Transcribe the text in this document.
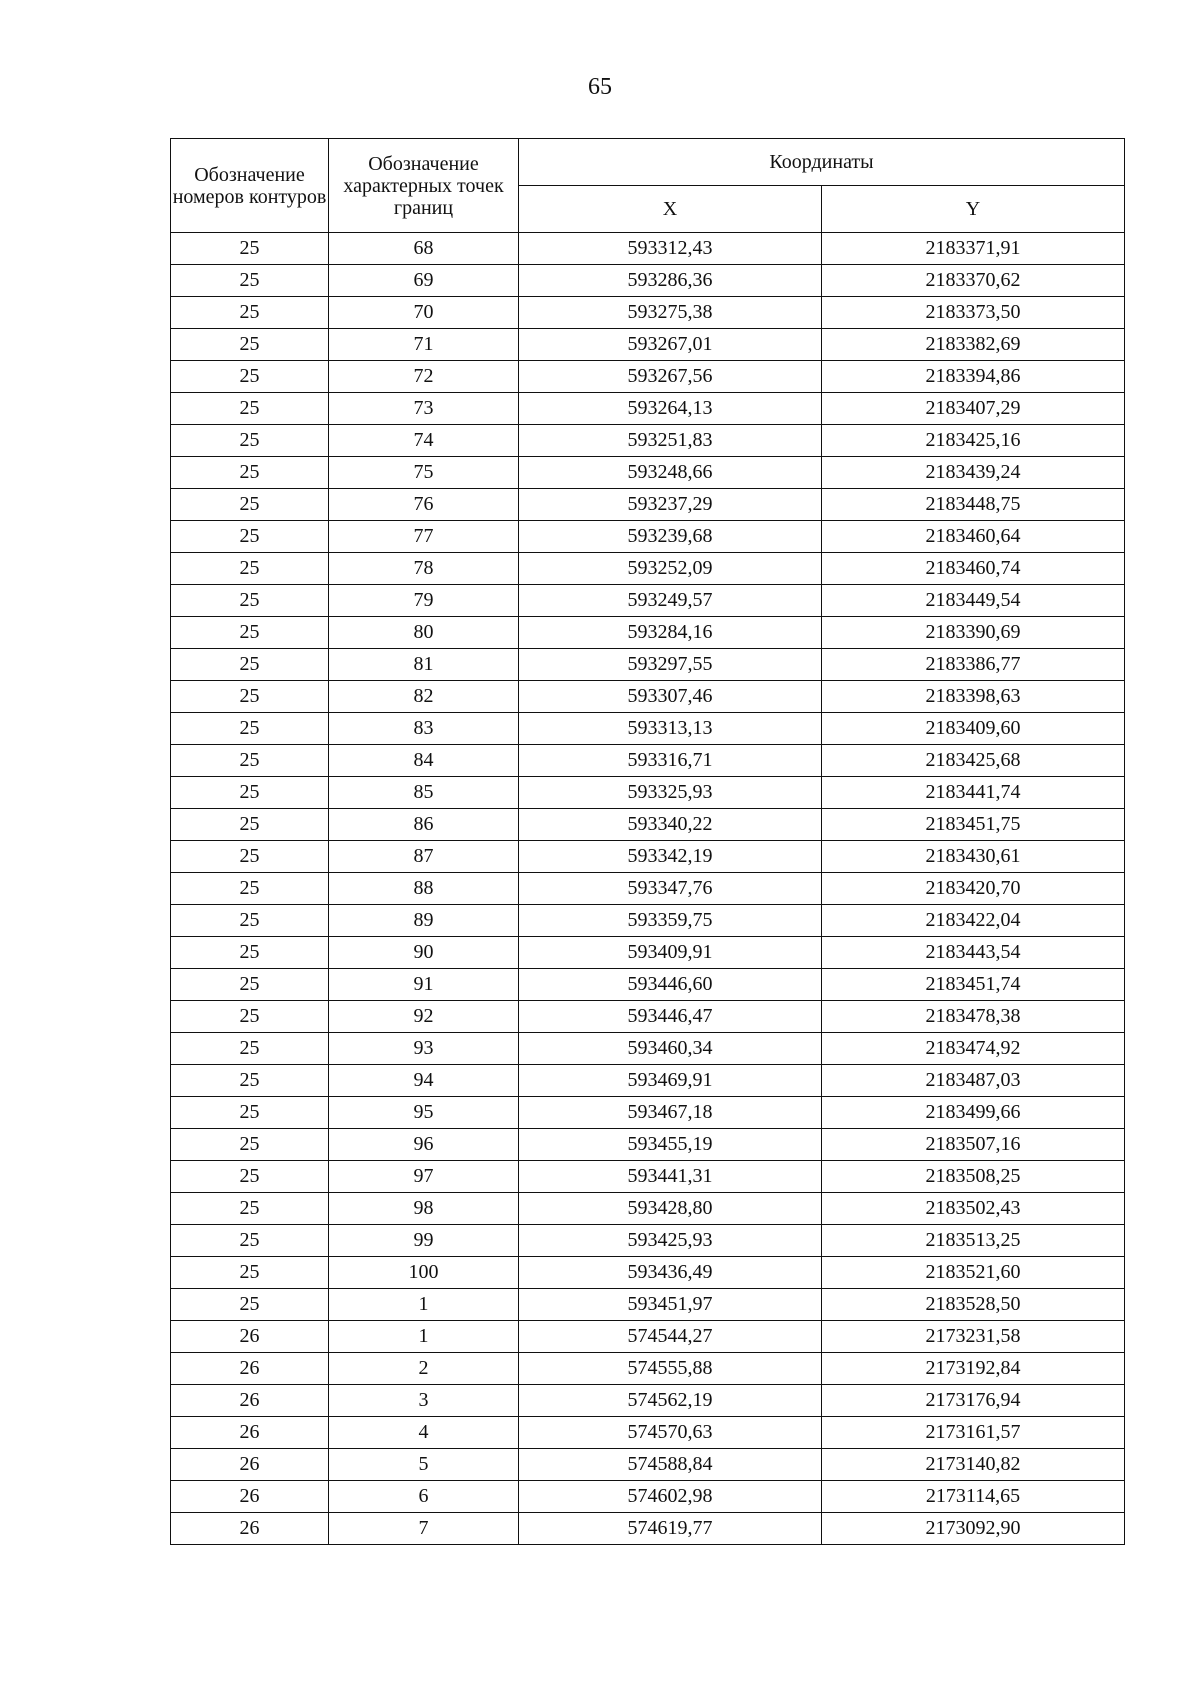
65
Обозначение номеров контуров	Обозначение характерных точек границ	Координаты	
		X	Y
25	68	593312,43	2183371,91
25	69	593286,36	2183370,62
25	70	593275,38	2183373,50
25	71	593267,01	2183382,69
25	72	593267,56	2183394,86
25	73	593264,13	2183407,29
25	74	593251,83	2183425,16
25	75	593248,66	2183439,24
25	76	593237,29	2183448,75
25	77	593239,68	2183460,64
25	78	593252,09	2183460,74
25	79	593249,57	2183449,54
25	80	593284,16	2183390,69
25	81	593297,55	2183386,77
25	82	593307,46	2183398,63
25	83	593313,13	2183409,60
25	84	593316,71	2183425,68
25	85	593325,93	2183441,74
25	86	593340,22	2183451,75
25	87	593342,19	2183430,61
25	88	593347,76	2183420,70
25	89	593359,75	2183422,04
25	90	593409,91	2183443,54
25	91	593446,60	2183451,74
25	92	593446,47	2183478,38
25	93	593460,34	2183474,92
25	94	593469,91	2183487,03
25	95	593467,18	2183499,66
25	96	593455,19	2183507,16
25	97	593441,31	2183508,25
25	98	593428,80	2183502,43
25	99	593425,93	2183513,25
25	100	593436,49	2183521,60
25	1	593451,97	2183528,50
26	1	574544,27	2173231,58
26	2	574555,88	2173192,84
26	3	574562,19	2173176,94
26	4	574570,63	2173161,57
26	5	574588,84	2173140,82
26	6	574602,98	2173114,65
26	7	574619,77	2173092,90
